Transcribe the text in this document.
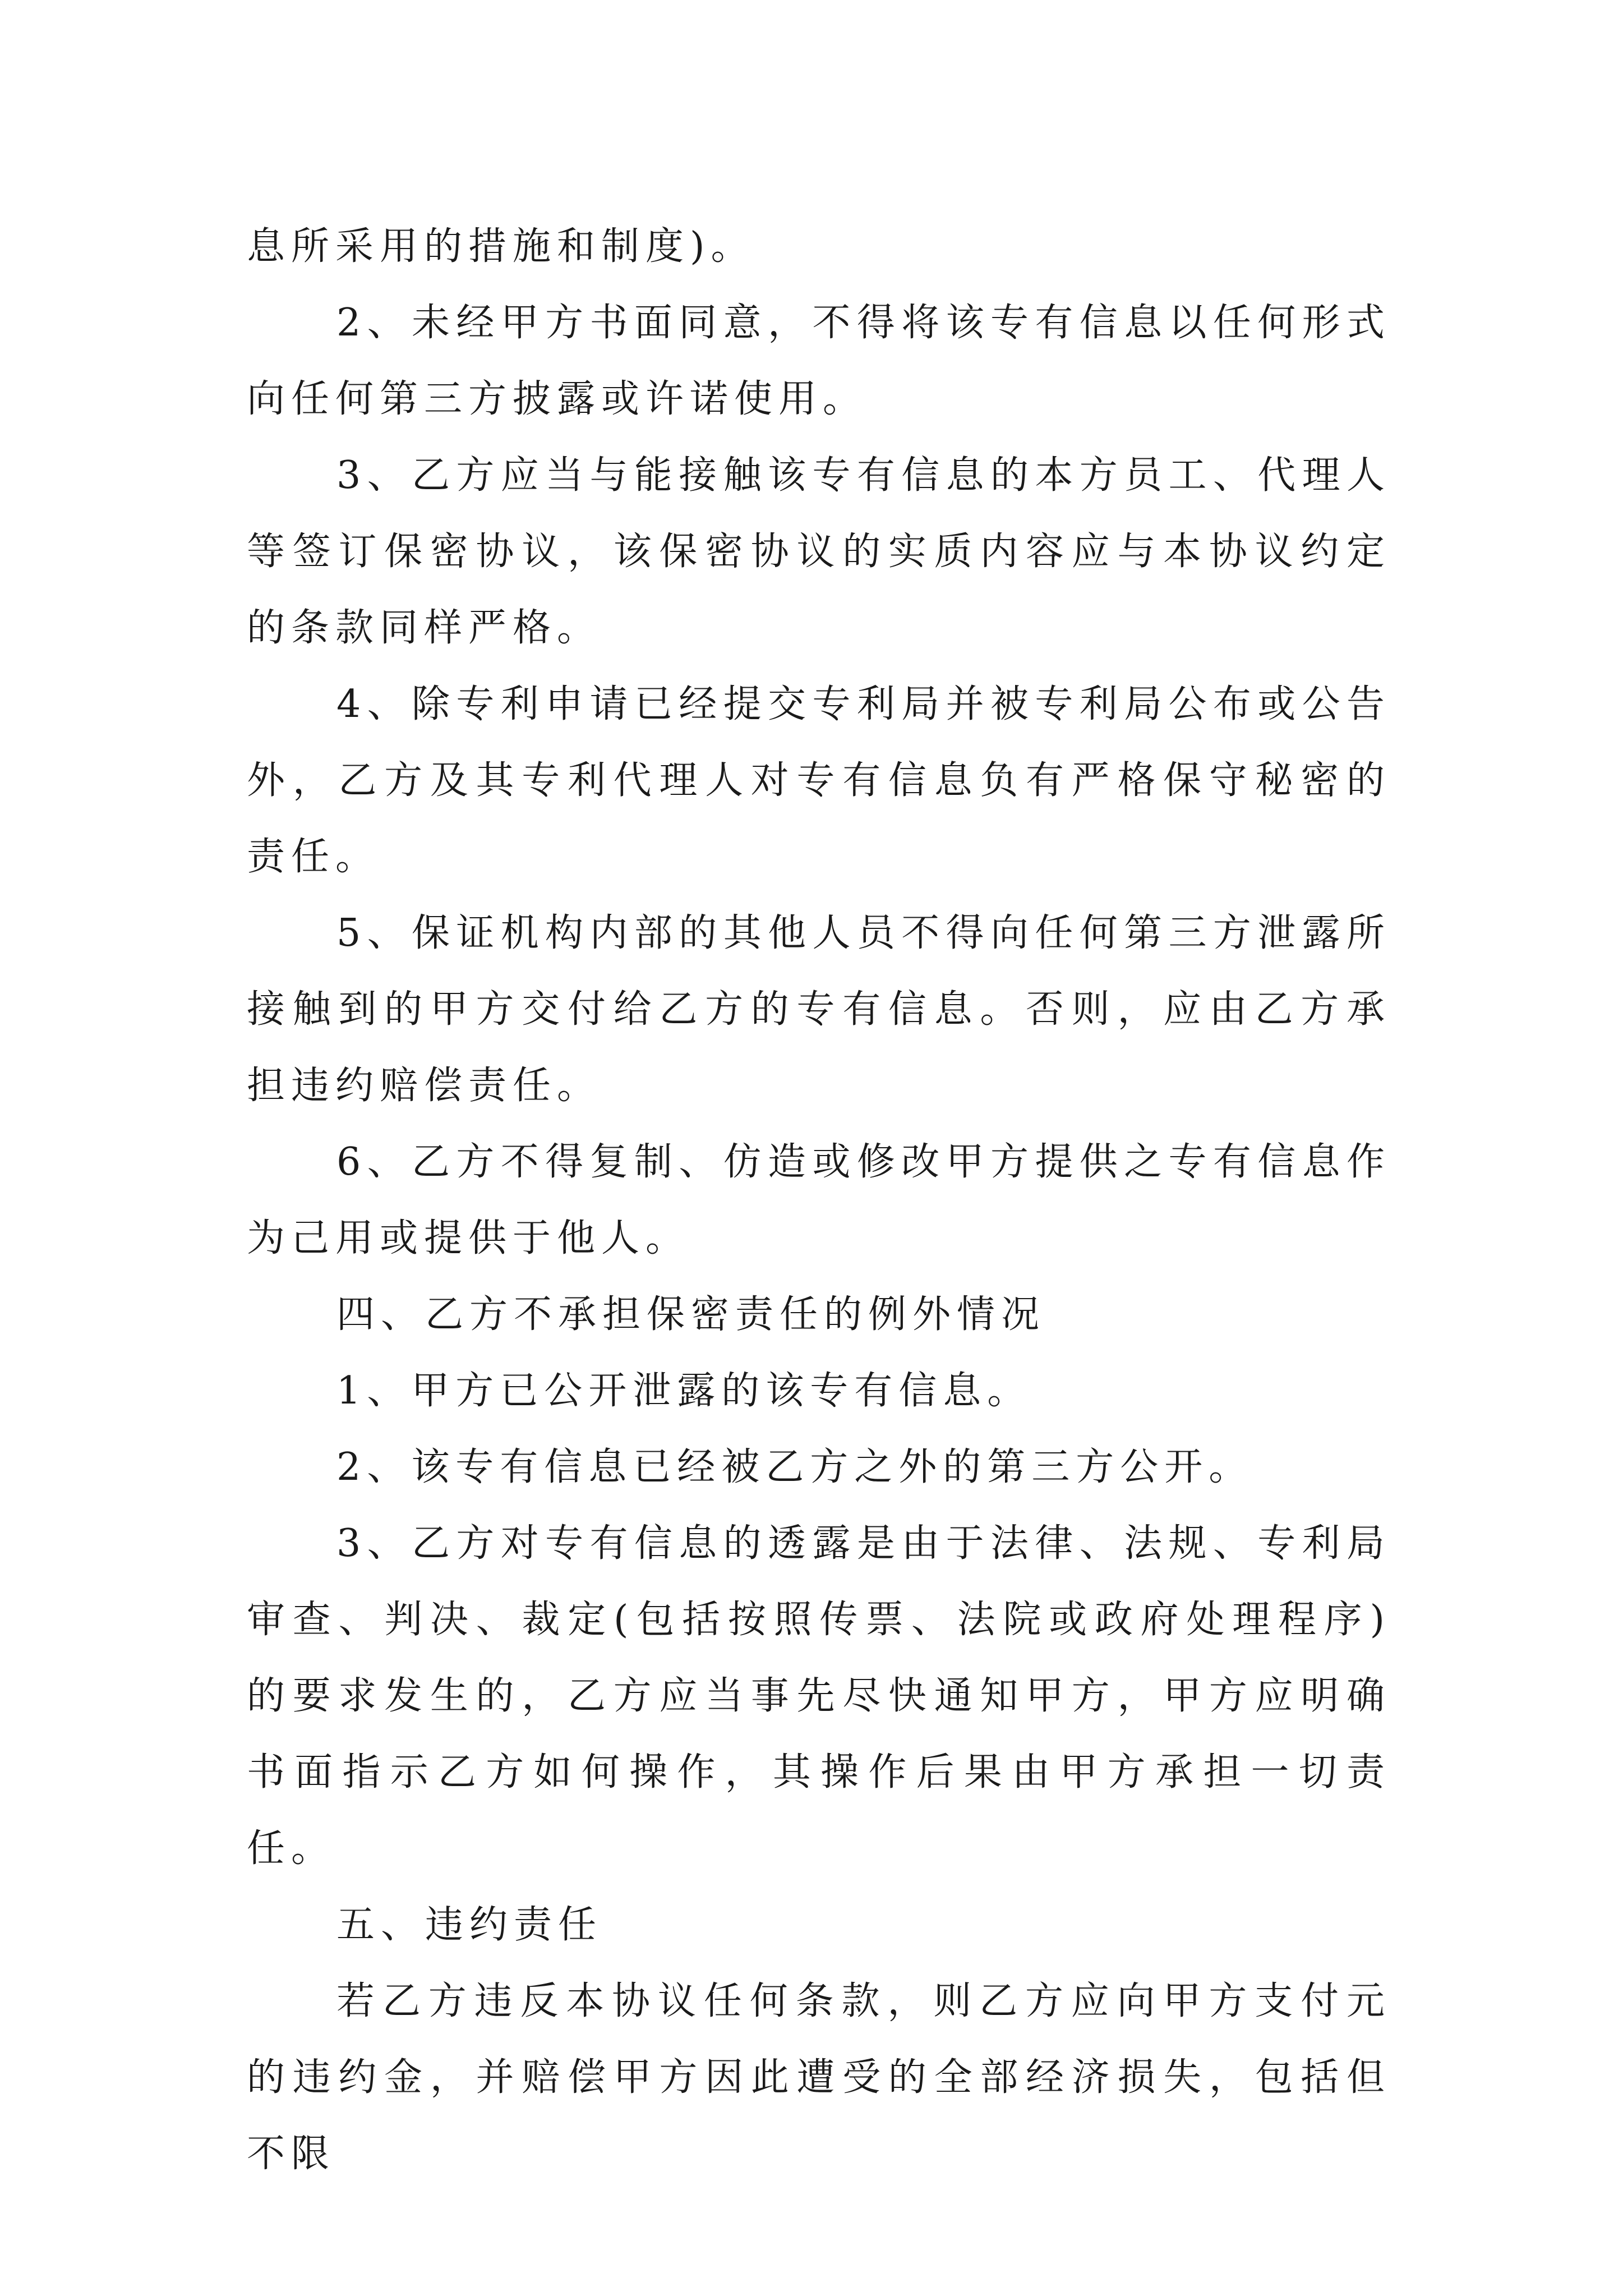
息所采用的措施和制度)。

2、未经甲方书面同意，不得将该专有信息以任何形式向任何第三方披露或许诺使用。

3、乙方应当与能接触该专有信息的本方员工、代理人等签订保密协议，该保密协议的实质内容应与本协议约定的条款同样严格。

4、除专利申请已经提交专利局并被专利局公布或公告外，乙方及其专利代理人对专有信息负有严格保守秘密的责任。

5、保证机构内部的其他人员不得向任何第三方泄露所接触到的甲方交付给乙方的专有信息。否则，应由乙方承担违约赔偿责任。

6、乙方不得复制、仿造或修改甲方提供之专有信息作为己用或提供于他人。

四、乙方不承担保密责任的例外情况

1、甲方已公开泄露的该专有信息。

2、该专有信息已经被乙方之外的第三方公开。

3、乙方对专有信息的透露是由于法律、法规、专利局审查、判决、裁定(包括按照传票、法院或政府处理程序)的要求发生的，乙方应当事先尽快通知甲方，甲方应明确书面指示乙方如何操作，其操作后果由甲方承担一切责任。

五、违约责任

若乙方违反本协议任何条款，则乙方应向甲方支付元的违约金，并赔偿甲方因此遭受的全部经济损失，包括但不限
